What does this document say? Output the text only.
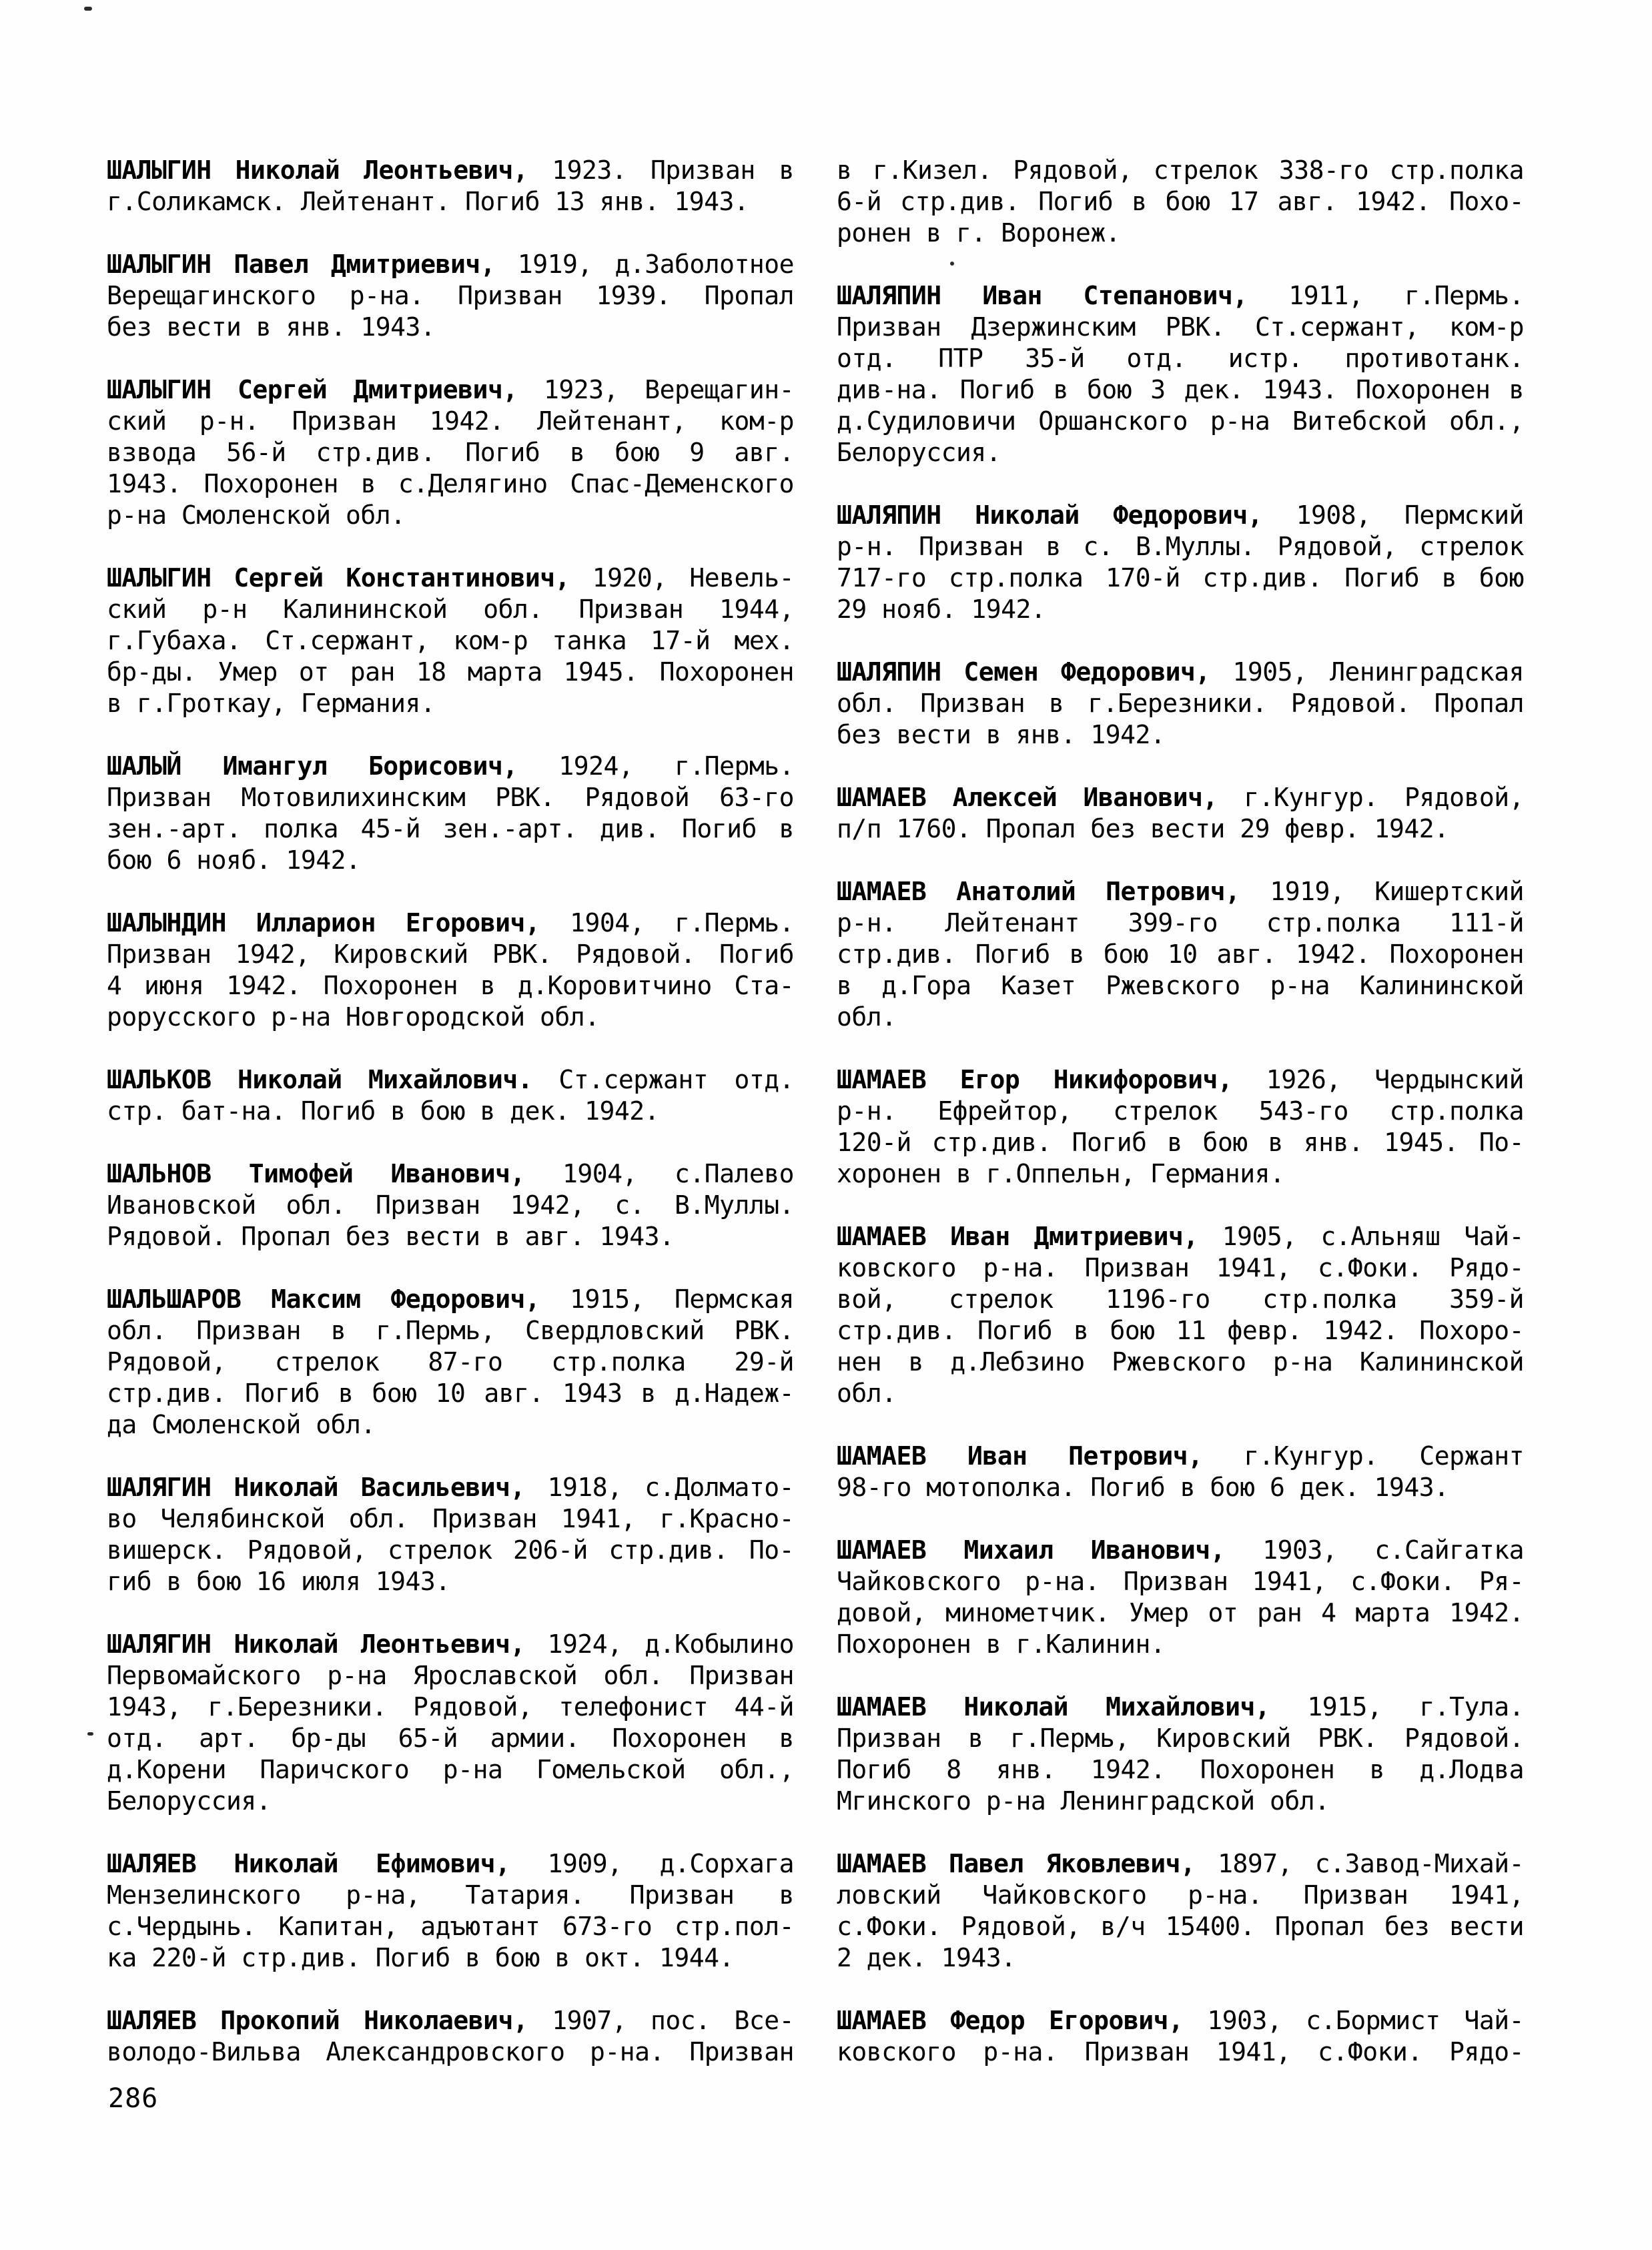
ШАЛЫГИН Николай Леонтьевич, 1923. Призван в
г.Соликамск. Лейтенант. Погиб 13 янв. 1943.
ШАЛЫГИН Павел Дмитриевич, 1919, д.Заболотное
Верещагинского р-на. Призван 1939. Пропал
без вести в янв. 1943.
ШАЛЫГИН Сергей Дмитриевич, 1923, Верещагин-
ский р-н. Призван 1942. Лейтенант, ком-р
взвода 56-й стр.див. Погиб в бою 9 авг.
1943. Похоронен в с.Делягино Спас-Деменского
р-на Смоленской обл.
ШАЛЫГИН Сергей Константинович, 1920, Невель-
ский р-н Калининской обл. Призван 1944,
г.Губаха. Ст.сержант, ком-р танка 17-й мех.
бр-ды. Умер от ран 18 марта 1945. Похоронен
в г.Гроткау, Германия.
ШАЛЫЙ Имангул Борисович, 1924, г.Пермь.
Призван Мотовилихинским РВК. Рядовой 63-го
зен.-арт. полка 45-й зен.-арт. див. Погиб в
бою 6 нояб. 1942.
ШАЛЫНДИН Илларион Егорович, 1904, г.Пермь.
Призван 1942, Кировский РВК. Рядовой. Погиб
4 июня 1942. Похоронен в д.Коровитчино Ста-
рорусского р-на Новгородской обл.
ШАЛЬКОВ Николай Михайлович. Ст.сержант отд.
стр. бат-на. Погиб в бою в дек. 1942.
ШАЛЬНОВ Тимофей Иванович, 1904, с.Палево
Ивановской обл. Призван 1942, с. В.Муллы.
Рядовой. Пропал без вести в авг. 1943.
ШАЛЬШАРОВ Максим Федорович, 1915, Пермская
обл. Призван в г.Пермь, Свердловский РВК.
Рядовой, стрелок 87-го стр.полка 29-й
стр.див. Погиб в бою 10 авг. 1943 в д.Надеж-
да Смоленской обл.
ШАЛЯГИН Николай Васильевич, 1918, с.Долмато-
во Челябинской обл. Призван 1941, г.Красно-
вишерск. Рядовой, стрелок 206-й стр.див. По-
гиб в бою 16 июля 1943.
ШАЛЯГИН Николай Леонтьевич, 1924, д.Кобылино
Первомайского р-на Ярославской обл. Призван
1943, г.Березники. Рядовой, телефонист 44-й
отд. арт. бр-ды 65-й армии. Похоронен в
д.Корени Паричского р-на Гомельской обл.,
Белоруссия.
ШАЛЯЕВ Николай Ефимович, 1909, д.Сорхага
Мензелинского р-на, Татария. Призван в
с.Чердынь. Капитан, адъютант 673-го стр.пол-
ка 220-й стр.див. Погиб в бою в окт. 1944.
ШАЛЯЕВ Прокопий Николаевич, 1907, пос. Все-
володо-Вильва Александровского р-на. Призван
в г.Кизел. Рядовой, стрелок 338-го стр.полка
6-й стр.див. Погиб в бою 17 авг. 1942. Похо-
ронен в г. Воронеж.
ШАЛЯПИН Иван Степанович, 1911, г.Пермь.
Призван Дзержинским РВК. Ст.сержант, ком-р
отд. ПТР 35-й отд. истр. противотанк.
див-на. Погиб в бою 3 дек. 1943. Похоронен в
д.Судиловичи Оршанского р-на Витебской обл.,
Белоруссия.
ШАЛЯПИН Николай Федорович, 1908, Пермский
р-н. Призван в с. В.Муллы. Рядовой, стрелок
717-го стр.полка 170-й стр.див. Погиб в бою
29 нояб. 1942.
ШАЛЯПИН Семен Федорович, 1905, Ленинградская
обл. Призван в г.Березники. Рядовой. Пропал
без вести в янв. 1942.
ШАМАЕВ Алексей Иванович, г.Кунгур. Рядовой,
п/п 1760. Пропал без вести 29 февр. 1942.
ШАМАЕВ Анатолий Петрович, 1919, Кишертский
р-н. Лейтенант 399-го стр.полка 111-й
стр.див. Погиб в бою 10 авг. 1942. Похоронен
в д.Гора Казет Ржевского р-на Калининской
обл.
ШАМАЕВ Егор Никифорович, 1926, Чердынский
р-н. Ефрейтор, стрелок 543-го стр.полка
120-й стр.див. Погиб в бою в янв. 1945. По-
хоронен в г.Оппельн, Германия.
ШАМАЕВ Иван Дмитриевич, 1905, с.Альняш Чай-
ковского р-на. Призван 1941, с.Фоки. Рядо-
вой, стрелок 1196-го стр.полка 359-й
стр.див. Погиб в бою 11 февр. 1942. Похоро-
нен в д.Лебзино Ржевского р-на Калининской
обл.
ШАМАЕВ Иван Петрович, г.Кунгур. Сержант
98-го мотополка. Погиб в бою 6 дек. 1943.
ШАМАЕВ Михаил Иванович, 1903, с.Сайгатка
Чайковского р-на. Призван 1941, с.Фоки. Ря-
довой, минометчик. Умер от ран 4 марта 1942.
Похоронен в г.Калинин.
ШАМАЕВ Николай Михайлович, 1915, г.Тула.
Призван в г.Пермь, Кировский РВК. Рядовой.
Погиб 8 янв. 1942. Похоронен в д.Лодва
Мгинского р-на Ленинградской обл.
ШАМАЕВ Павел Яковлевич, 1897, с.Завод-Михай-
ловский Чайковского р-на. Призван 1941,
с.Фоки. Рядовой, в/ч 15400. Пропал без вести
2 дек. 1943.
ШАМАЕВ Федор Егорович, 1903, с.Бормист Чай-
ковского р-на. Призван 1941, с.Фоки. Рядо-
286
